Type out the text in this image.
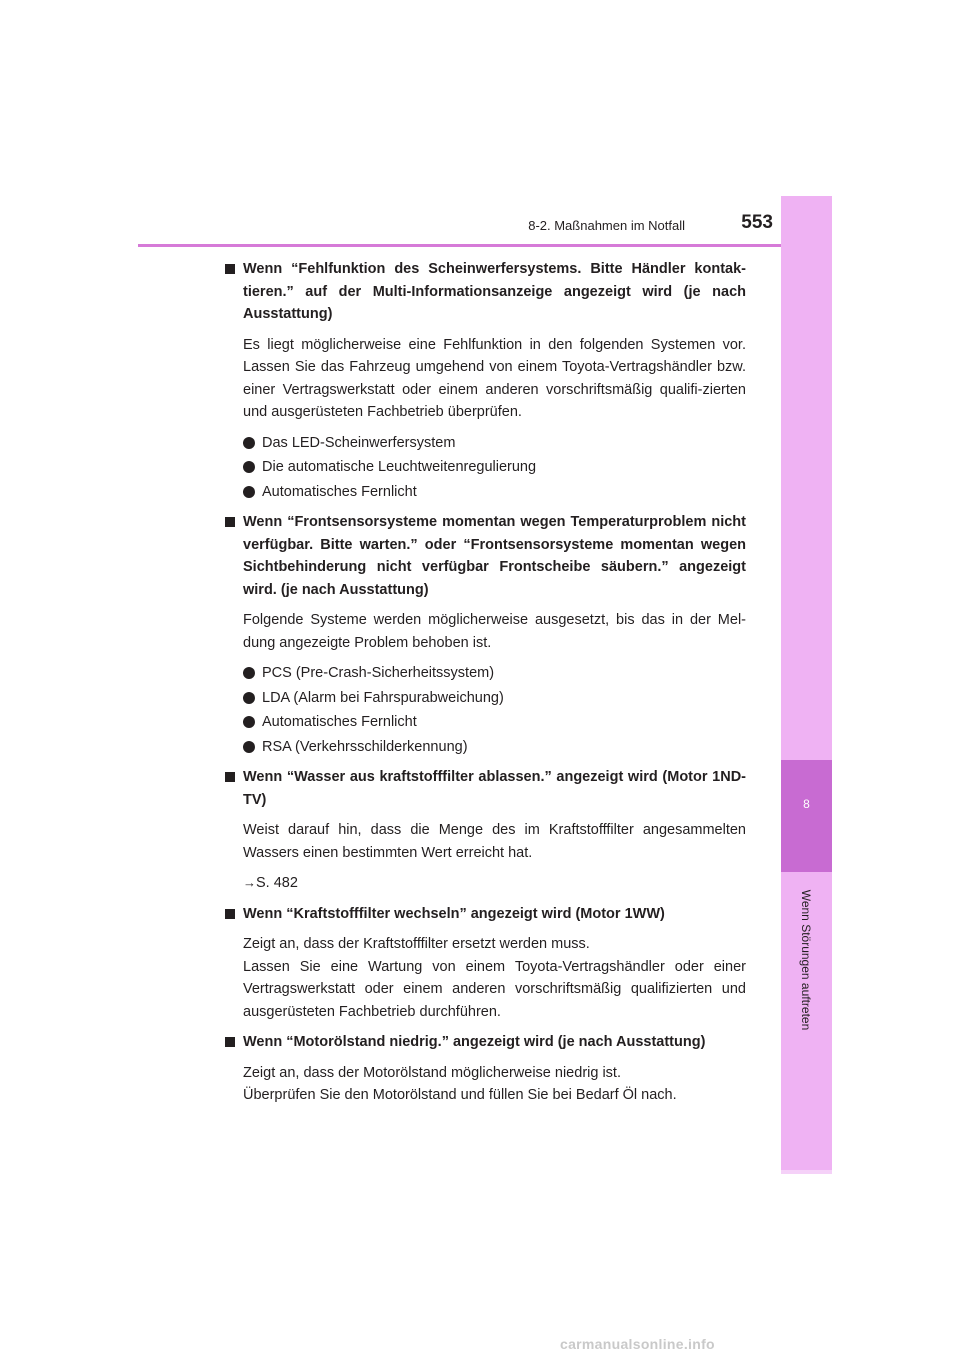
8-2. Maßnahmen im Notfall	553
8
Wenn Störungen auftreten
Wenn “Fehlfunktion des Scheinwerfersystems. Bitte Händler kontak-tieren.” auf der Multi-Informationsanzeige angezeigt wird (je nach Ausstattung)
Es liegt möglicherweise eine Fehlfunktion in den folgenden Systemen vor. Lassen Sie das Fahrzeug umgehend von einem Toyota-Vertragshändler bzw. einer Vertragswerkstatt oder einem anderen vorschriftsmäßig qualifi-zierten und ausgerüsteten Fachbetrieb überprüfen.
Das LED-Scheinwerfersystem
Die automatische Leuchtweitenregulierung
Automatisches Fernlicht
Wenn “Frontsensorsysteme momentan wegen Temperaturproblem nicht verfügbar. Bitte warten.” oder “Frontsensorsysteme momentan wegen Sichtbehinderung nicht verfügbar Frontscheibe säubern.” angezeigt wird. (je nach Ausstattung)
Folgende Systeme werden möglicherweise ausgesetzt, bis das in der Mel-dung angezeigte Problem behoben ist.
PCS (Pre-Crash-Sicherheitssystem)
LDA (Alarm bei Fahrspurabweichung)
Automatisches Fernlicht
RSA (Verkehrsschilderkennung)
Wenn “Wasser aus kraftstofffilter ablassen.” angezeigt wird (Motor 1ND-TV)
Weist darauf hin, dass die Menge des im Kraftstofffilter angesammelten Wassers einen bestimmten Wert erreicht hat.
→S. 482
Wenn “Kraftstofffilter wechseln” angezeigt wird (Motor 1WW)
Zeigt an, dass der Kraftstofffilter ersetzt werden muss.
Lassen Sie eine Wartung von einem Toyota-Vertragshändler oder einer Vertragswerkstatt oder einem anderen vorschriftsmäßig qualifizierten und ausgerüsteten Fachbetrieb durchführen.
Wenn “Motorölstand niedrig.” angezeigt wird (je nach Ausstattung)
Zeigt an, dass der Motorölstand möglicherweise niedrig ist.
Überprüfen Sie den Motorölstand und füllen Sie bei Bedarf Öl nach.
carmanualsonline.info
